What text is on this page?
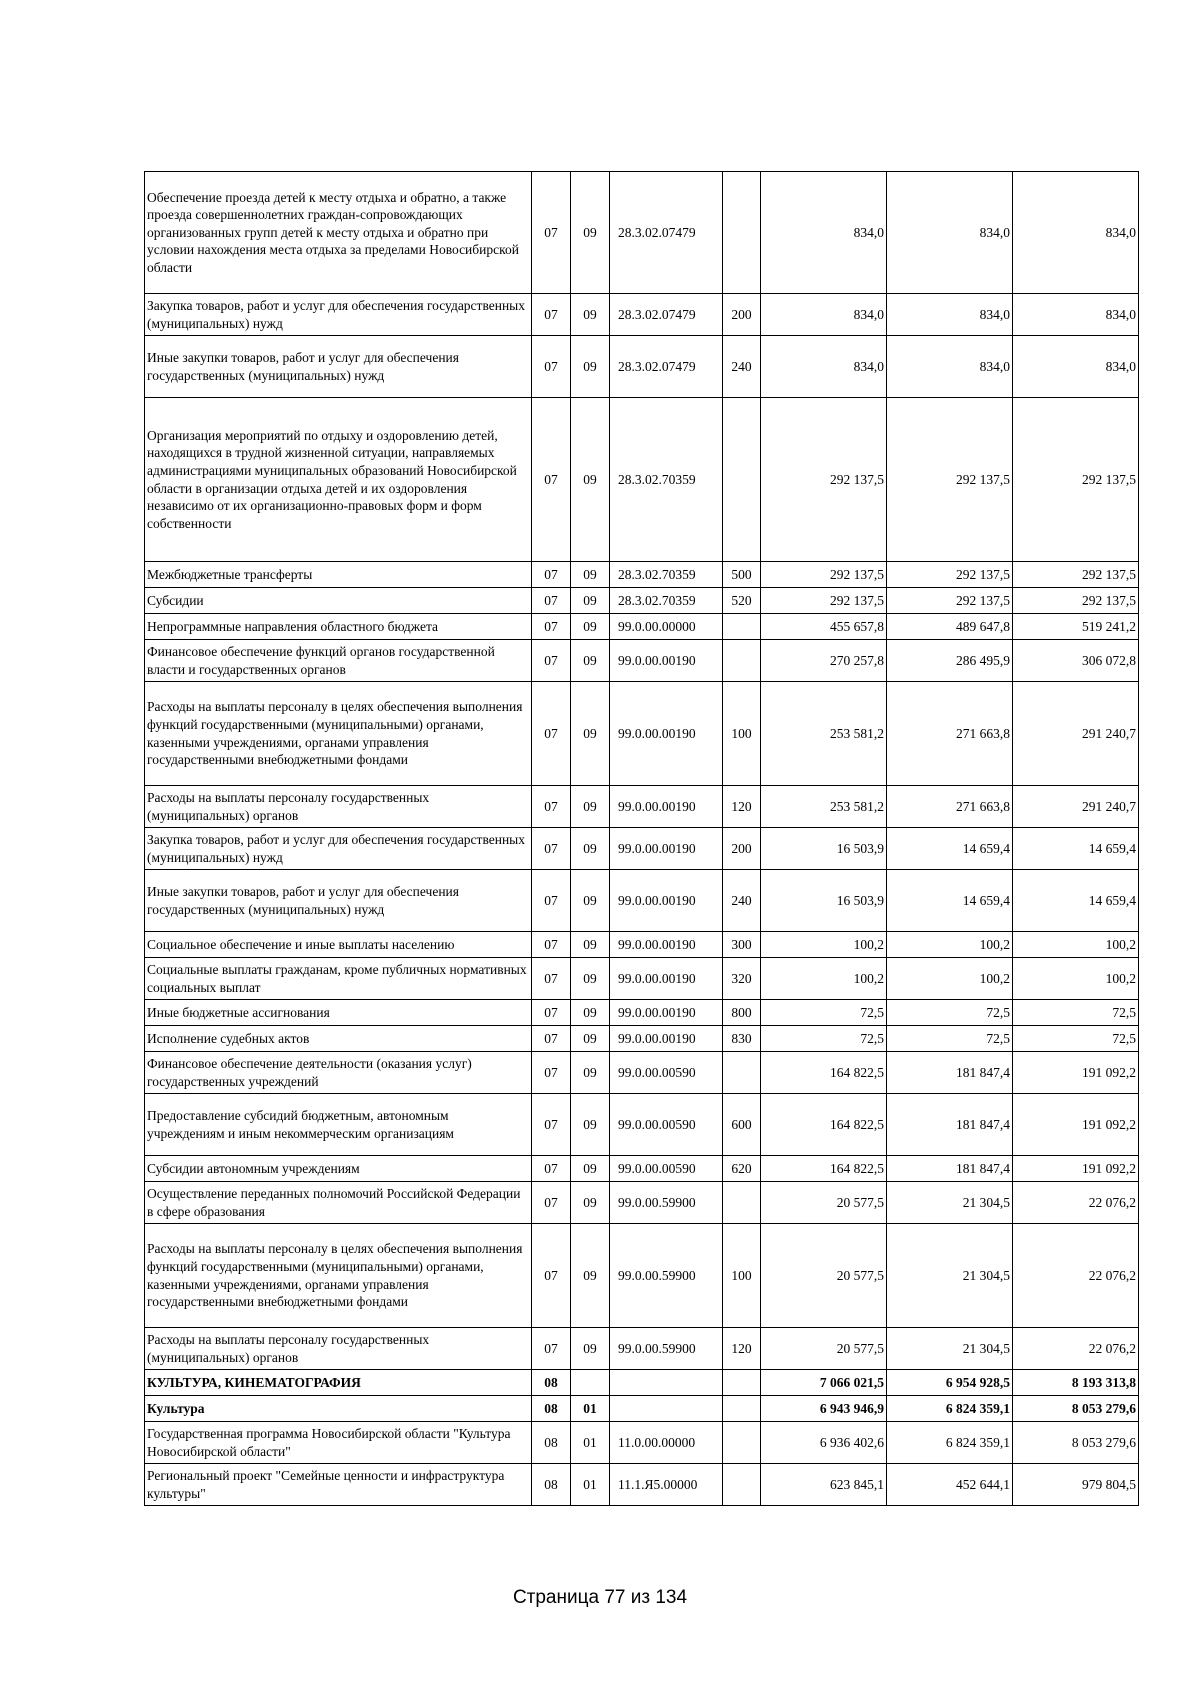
Обеспечение проезда детей к месту отдыха и обратно, а также проезда совершеннолетних граждан-сопровождающих организованных групп детей к месту отдыха и обратно при условии нахождения места отдыха за пределами Новосибирской области	07	09	28.3.02.07479		834,0	834,0	834,0
Закупка товаров, работ и услуг для обеспечения государственных (муниципальных) нужд	07	09	28.3.02.07479	200	834,0	834,0	834,0
Иные закупки товаров, работ и услуг для обеспечения государственных (муниципальных) нужд	07	09	28.3.02.07479	240	834,0	834,0	834,0
Организация мероприятий по отдыху и оздоровлению детей, находящихся в трудной жизненной ситуации, направляемых администрациями муниципальных образований Новосибирской области в организации отдыха детей и их оздоровления независимо от их организационно-правовых форм и форм собственности	07	09	28.3.02.70359		292 137,5	292 137,5	292 137,5
Межбюджетные трансферты	07	09	28.3.02.70359	500	292 137,5	292 137,5	292 137,5
Субсидии	07	09	28.3.02.70359	520	292 137,5	292 137,5	292 137,5
Непрограммные направления областного бюджета	07	09	99.0.00.00000		455 657,8	489 647,8	519 241,2
Финансовое обеспечение функций органов государственной власти и государственных органов	07	09	99.0.00.00190		270 257,8	286 495,9	306 072,8
Расходы на выплаты персоналу в целях обеспечения выполнения функций государственными (муниципальными) органами, казенными учреждениями, органами управления государственными внебюджетными фондами	07	09	99.0.00.00190	100	253 581,2	271 663,8	291 240,7
Расходы на выплаты персоналу государственных (муниципальных) органов	07	09	99.0.00.00190	120	253 581,2	271 663,8	291 240,7
Закупка товаров, работ и услуг для обеспечения государственных (муниципальных) нужд	07	09	99.0.00.00190	200	16 503,9	14 659,4	14 659,4
Иные закупки товаров, работ и услуг для обеспечения государственных (муниципальных) нужд	07	09	99.0.00.00190	240	16 503,9	14 659,4	14 659,4
Социальное обеспечение и иные выплаты населению	07	09	99.0.00.00190	300	100,2	100,2	100,2
Социальные выплаты гражданам, кроме публичных нормативных социальных выплат	07	09	99.0.00.00190	320	100,2	100,2	100,2
Иные бюджетные ассигнования	07	09	99.0.00.00190	800	72,5	72,5	72,5
Исполнение судебных актов	07	09	99.0.00.00190	830	72,5	72,5	72,5
Финансовое обеспечение деятельности (оказания услуг) государственных учреждений	07	09	99.0.00.00590		164 822,5	181 847,4	191 092,2
Предоставление субсидий бюджетным, автономным учреждениям и иным некоммерческим организациям	07	09	99.0.00.00590	600	164 822,5	181 847,4	191 092,2
Субсидии автономным учреждениям	07	09	99.0.00.00590	620	164 822,5	181 847,4	191 092,2
Осуществление переданных полномочий Российской Федерации в сфере образования	07	09	99.0.00.59900		20 577,5	21 304,5	22 076,2
Расходы на выплаты персоналу в целях обеспечения выполнения функций государственными (муниципальными) органами, казенными учреждениями, органами управления государственными внебюджетными фондами	07	09	99.0.00.59900	100	20 577,5	21 304,5	22 076,2
Расходы на выплаты персоналу государственных (муниципальных) органов	07	09	99.0.00.59900	120	20 577,5	21 304,5	22 076,2
КУЛЬТУРА, КИНЕМАТОГРАФИЯ	08				7 066 021,5	6 954 928,5	8 193 313,8
Культура	08	01			6 943 946,9	6 824 359,1	8 053 279,6
Государственная программа Новосибирской области "Культура Новосибирской области"	08	01	11.0.00.00000		6 936 402,6	6 824 359,1	8 053 279,6
Региональный проект "Семейные ценности и инфраструктура культуры"	08	01	11.1.Я5.00000		623 845,1	452 644,1	979 804,5
Страница 77 из 134
